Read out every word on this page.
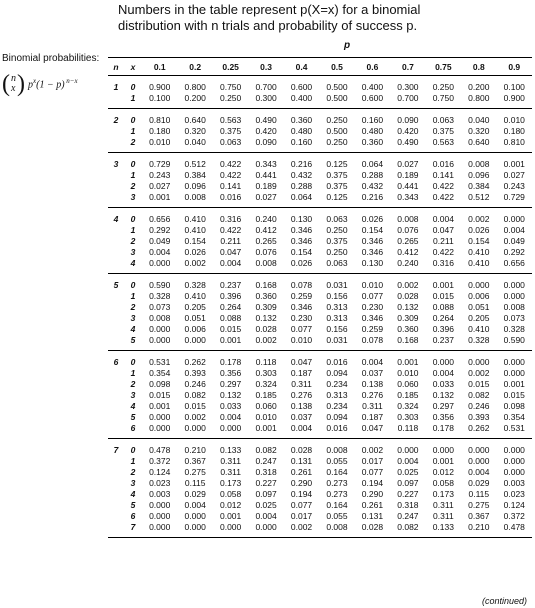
Numbers in the table represent p(X=x) for a binomial
distribution with n trials and probability of success p.
Binomial probabilities:
( n
x ) $p^x(1 - p)$ $^{n-x}$
p
n	x	0.1	0.2	0.25	0.3	0.4	0.5	0.6	0.7	0.75	0.8	0.9
1	0	0.900	0.800	0.750	0.700	0.600	0.500	0.400	0.300	0.250	0.200	0.100
	1	0.100	0.200	0.250	0.300	0.400	0.500	0.600	0.700	0.750	0.800	0.900
2	0	0.810	0.640	0.563	0.490	0.360	0.250	0.160	0.090	0.063	0.040	0.010
	1	0.180	0.320	0.375	0.420	0.480	0.500	0.480	0.420	0.375	0.320	0.180
	2	0.010	0.040	0.063	0.090	0.160	0.250	0.360	0.490	0.563	0.640	0.810
3	0	0.729	0.512	0.422	0.343	0.216	0.125	0.064	0.027	0.016	0.008	0.001
	1	0.243	0.384	0.422	0.441	0.432	0.375	0.288	0.189	0.141	0.096	0.027
	2	0.027	0.096	0.141	0.189	0.288	0.375	0.432	0.441	0.422	0.384	0.243
	3	0.001	0.008	0.016	0.027	0.064	0.125	0.216	0.343	0.422	0.512	0.729
4	0	0.656	0.410	0.316	0.240	0.130	0.063	0.026	0.008	0.004	0.002	0.000
	1	0.292	0.410	0.422	0.412	0.346	0.250	0.154	0.076	0.047	0.026	0.004
	2	0.049	0.154	0.211	0.265	0.346	0.375	0.346	0.265	0.211	0.154	0.049
	3	0.004	0.026	0.047	0.076	0.154	0.250	0.346	0.412	0.422	0.410	0.292
	4	0.000	0.002	0.004	0.008	0.026	0.063	0.130	0.240	0.316	0.410	0.656
5	0	0.590	0.328	0.237	0.168	0.078	0.031	0.010	0.002	0.001	0.000	0.000
	1	0.328	0.410	0.396	0.360	0.259	0.156	0.077	0.028	0.015	0.006	0.000
	2	0.073	0.205	0.264	0.309	0.346	0.313	0.230	0.132	0.088	0.051	0.008
	3	0.008	0.051	0.088	0.132	0.230	0.313	0.346	0.309	0.264	0.205	0.073
	4	0.000	0.006	0.015	0.028	0.077	0.156	0.259	0.360	0.396	0.410	0.328
	5	0.000	0.000	0.001	0.002	0.010	0.031	0.078	0.168	0.237	0.328	0.590
6	0	0.531	0.262	0.178	0.118	0.047	0.016	0.004	0.001	0.000	0.000	0.000
	1	0.354	0.393	0.356	0.303	0.187	0.094	0.037	0.010	0.004	0.002	0.000
	2	0.098	0.246	0.297	0.324	0.311	0.234	0.138	0.060	0.033	0.015	0.001
	3	0.015	0.082	0.132	0.185	0.276	0.313	0.276	0.185	0.132	0.082	0.015
	4	0.001	0.015	0.033	0.060	0.138	0.234	0.311	0.324	0.297	0.246	0.098
	5	0.000	0.002	0.004	0.010	0.037	0.094	0.187	0.303	0.356	0.393	0.354
	6	0.000	0.000	0.000	0.001	0.004	0.016	0.047	0.118	0.178	0.262	0.531
7	0	0.478	0.210	0.133	0.082	0.028	0.008	0.002	0.000	0.000	0.000	0.000
	1	0.372	0.367	0.311	0.247	0.131	0.055	0.017	0.004	0.001	0.000	0.000
	2	0.124	0.275	0.311	0.318	0.261	0.164	0.077	0.025	0.012	0.004	0.000
	3	0.023	0.115	0.173	0.227	0.290	0.273	0.194	0.097	0.058	0.029	0.003
	4	0.003	0.029	0.058	0.097	0.194	0.273	0.290	0.227	0.173	0.115	0.023
	5	0.000	0.004	0.012	0.025	0.077	0.164	0.261	0.318	0.311	0.275	0.124
	6	0.000	0.000	0.001	0.004	0.017	0.055	0.131	0.247	0.311	0.367	0.372
	7	0.000	0.000	0.000	0.000	0.002	0.008	0.028	0.082	0.133	0.210	0.478
(continued)
